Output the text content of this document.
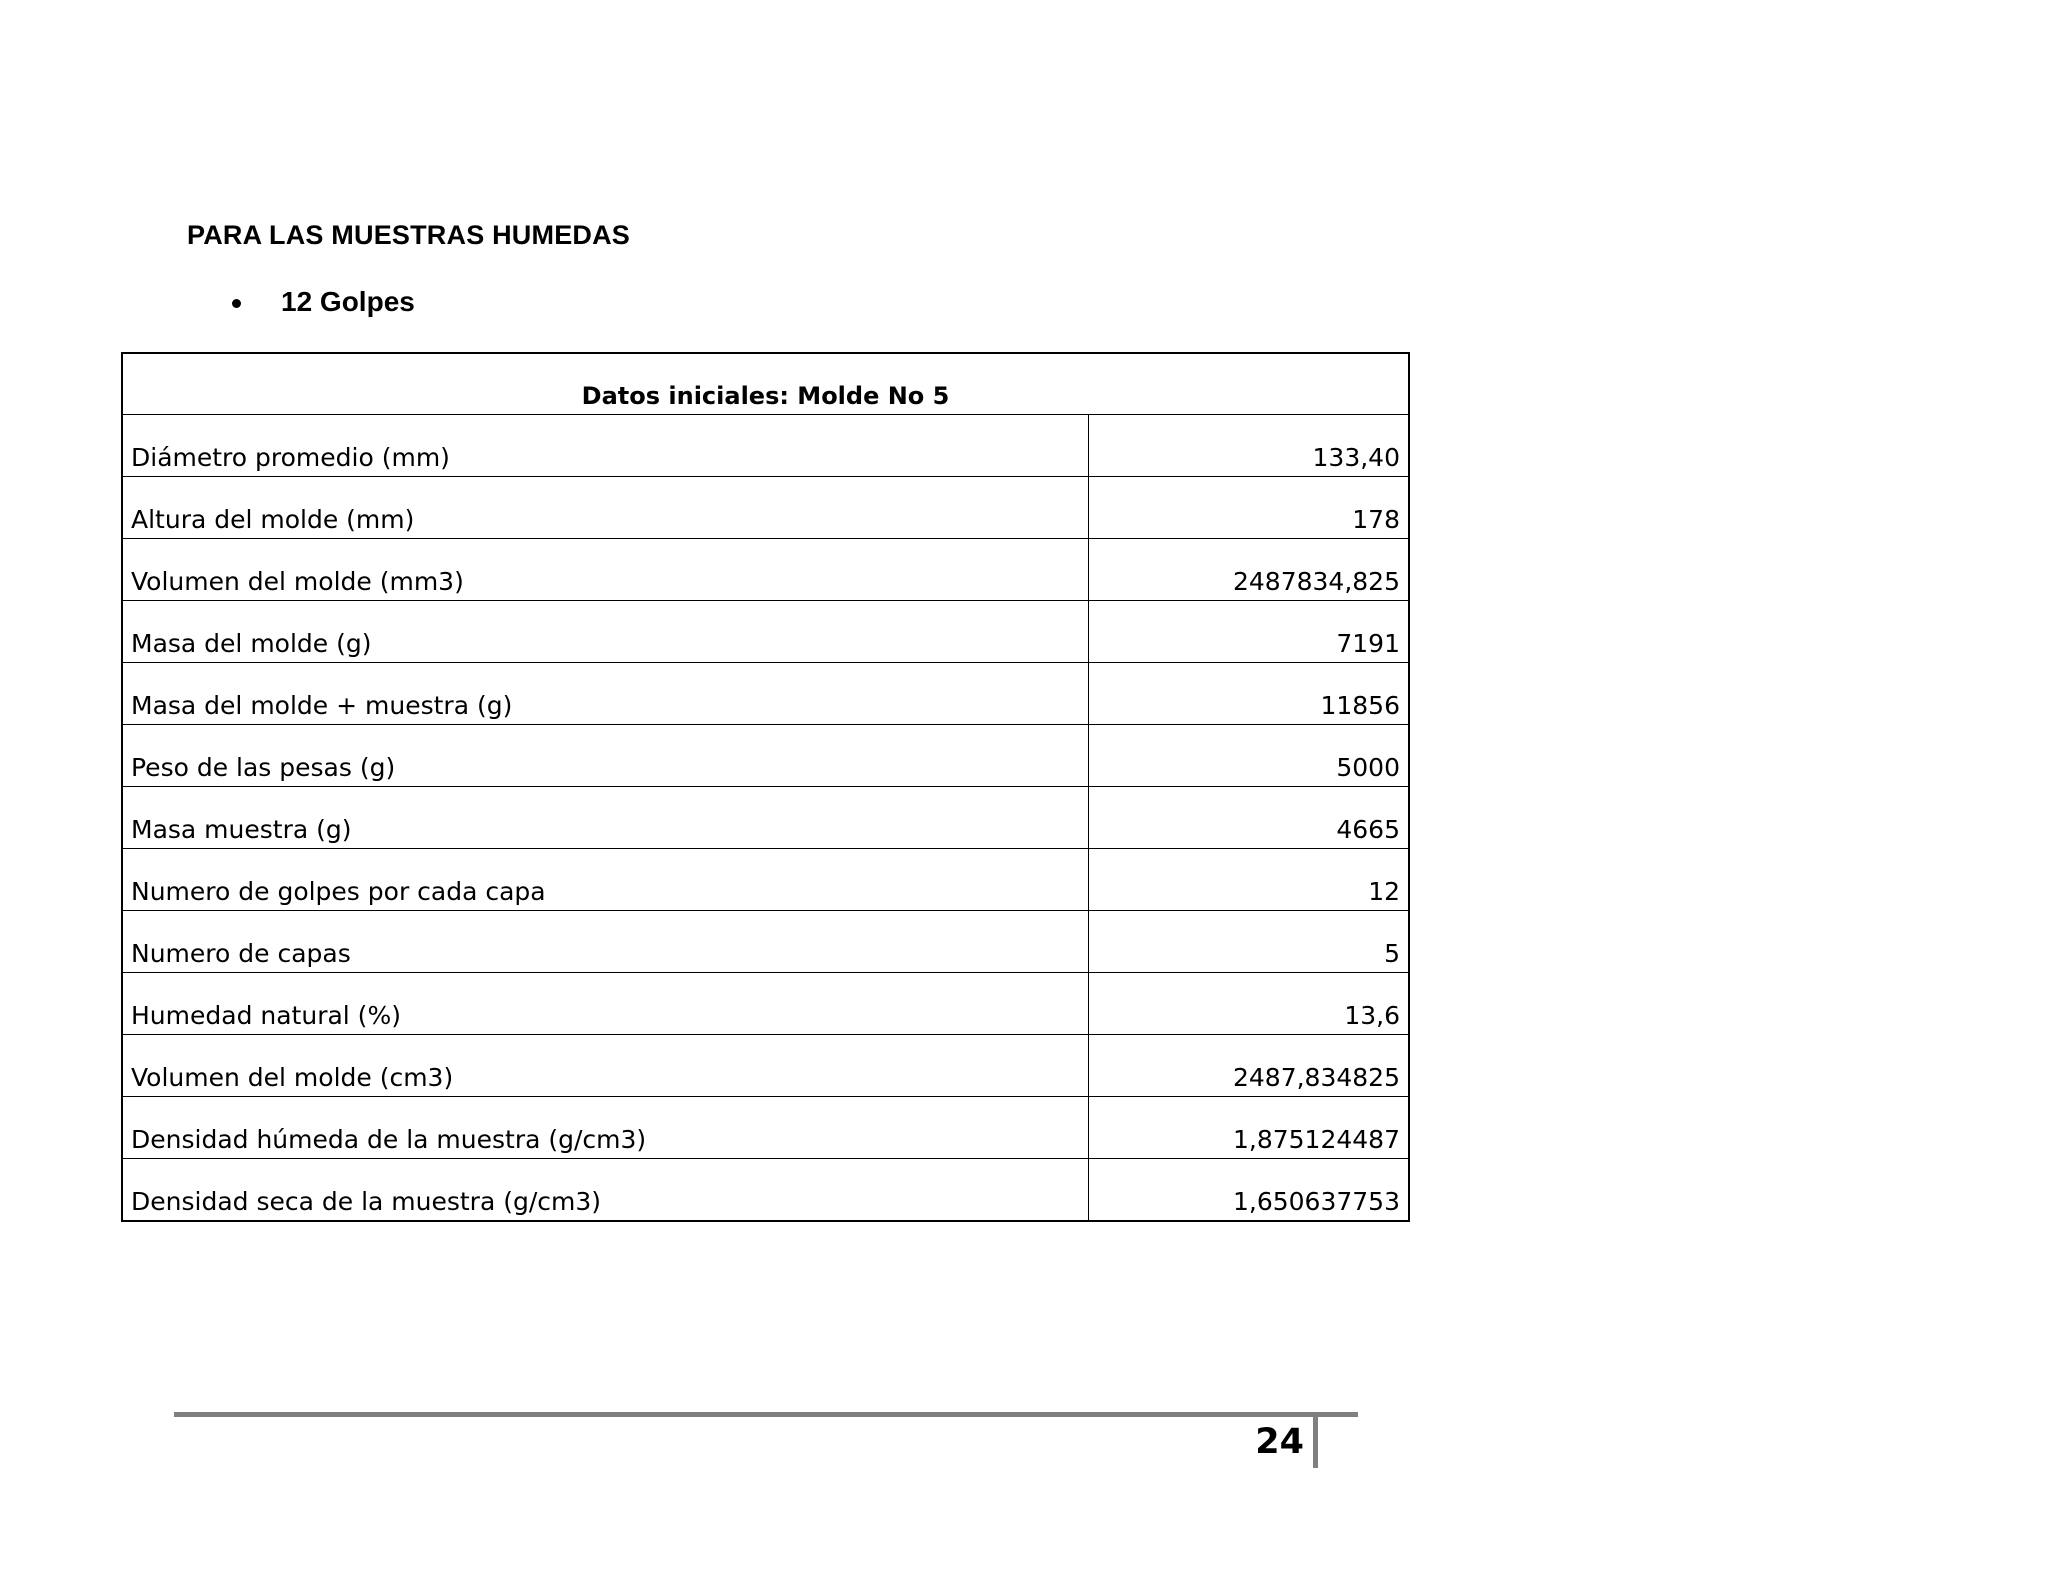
PARA LAS MUESTRAS HUMEDAS
12 Golpes
Datos iniciales: Molde No 5	
Diámetro promedio (mm)	133,40
Altura del molde (mm)	178
Volumen del molde (mm3)	2487834,825
Masa del molde (g)	7191
Masa del molde + muestra (g)	11856
Peso de las pesas (g)	5000
Masa muestra (g)	4665
Numero de golpes por cada capa	12
Numero de capas	5
Humedad natural (%)	13,6
Volumen del molde (cm3)	2487,834825
Densidad húmeda de la muestra (g/cm3)	1,875124487
Densidad seca de la muestra (g/cm3)	1,650637753
24
